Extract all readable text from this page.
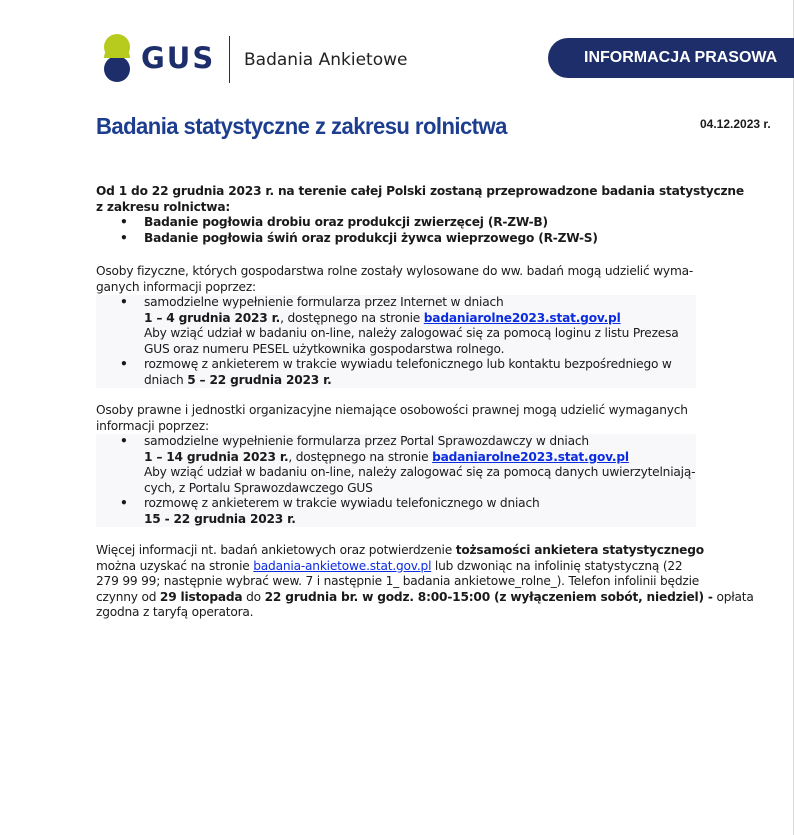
GUS Badania Ankietowe	INFORMACJA PRASOWA
Badania statystyczne z zakresu rolnictwa	04.12.2023 r.
Od 1 do 22 grudnia 2023 r. na terenie całej Polski zostaną przeprowadzone badania statystyczne
z zakresu rolnictwa:
• Badanie pogłowia drobiu oraz produkcji zwierzęcej (R-ZW-B)
• Badanie pogłowia świń oraz produkcji żywca wieprzowego (R-ZW-S)
Osoby fizyczne, których gospodarstwa rolne zostały wylosowane do ww. badań mogą udzielić wyma-
ganych informacji poprzez:
• samodzielne wypełnienie formularza przez Internet w dniach
1 – 4 grudnia 2023 r., dostępnego na stronie badaniarolne2023.stat.gov.pl
Aby wziąć udział w badaniu on-line, należy zalogować się za pomocą loginu z listu Prezesa
GUS oraz numeru PESEL użytkownika gospodarstwa rolnego.
• rozmowę z ankieterem w trakcie wywiadu telefonicznego lub kontaktu bezpośredniego w
dniach 5 – 22 grudnia 2023 r.
Osoby prawne i jednostki organizacyjne niemające osobowości prawnej mogą udzielić wymaganych
informacji poprzez:
• samodzielne wypełnienie formularza przez Portal Sprawozdawczy w dniach
1 – 14 grudnia 2023 r., dostępnego na stronie badaniarolne2023.stat.gov.pl
Aby wziąć udział w badaniu on-line, należy zalogować się za pomocą danych uwierzytelniają-
cych, z Portalu Sprawozdawczego GUS
• rozmowę z ankieterem w trakcie wywiadu telefonicznego w dniach
15 - 22 grudnia 2023 r.
Więcej informacji nt. badań ankietowych oraz potwierdzenie tożsamości ankietera statystycznego
można uzyskać na stronie badania-ankietowe.stat.gov.pl lub dzwoniąc na infolinię statystyczną (22
279 99 99; następnie wybrać wew. 7 i następnie 1_ badania ankietowe_rolne_). Telefon infolinii będzie
czynny od 29 listopada do 22 grudnia br. w godz. 8:00-15:00 (z wyłączeniem sobót, niedziel) - opłata
zgodna z taryfą operatora.
